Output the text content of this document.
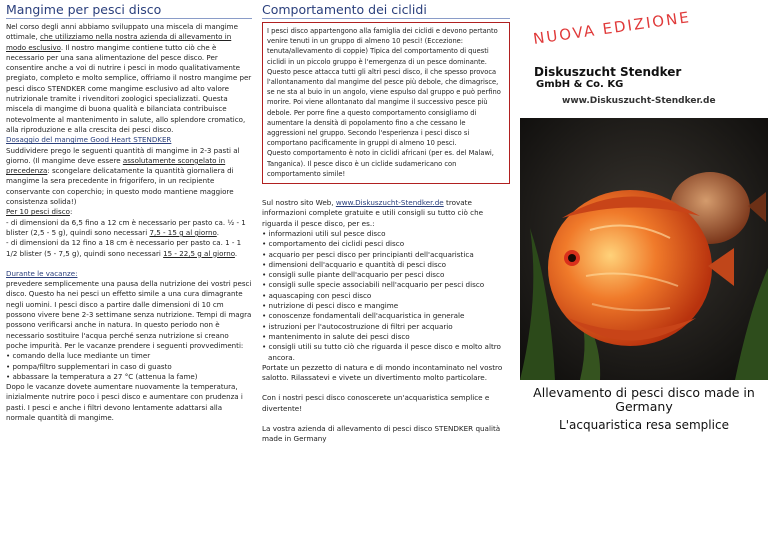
Mangime per pesci disco

Nel corso degli anni abbiamo sviluppato una miscela di mangime ottimale, che utilizziamo nella nostra azienda di allevamento in modo esclusivo. Il nostro mangime contiene tutto ciò che è necessario per una sana alimentazione del pesce disco. Per consentire anche a voi di nutrire i pesci in modo qualitativamente pregiato, completo e molto semplice, offriamo il nostro mangime per pesci disco STENDKER come mangime esclusivo ad alto valore nutrizionale tramite i rivenditori zoologici specializzati. Questa miscela di mangime di buona qualità e bilanciata contribuisce notevolmente al mantenimento in salute, allo splendore cromatico, alla riproduzione e alla crescita dei pesci disco.

Dosaggio del mangime Good Heart STENDKER

Suddividere prego le seguenti quantità di mangime in 2-3 pasti al giorno. (Il mangime deve essere assolutamente scongelato in precedenza: scongelare delicatamente la quantità giornaliera di mangime la sera precedente in frigorifero, in un recipiente conservante con coperchio; in questo modo mantiene maggiore consistenza solida!)

Per 10 pesci disco:

- di dimensioni da 6,5 fino a 12 cm è necessario per pasto ca. ½ - 1 blister (2,5 - 5 g), quindi sono necessari 7,5 - 15 g al giorno.

- di dimensioni da 12 fino a 18 cm è necessario per pasto ca. 1 - 1 1/2 blister (5 - 7,5 g), quindi sono necessari 15 - 22,5 g al giorno.

Durante le vacanze:

prevedere semplicemente una pausa della nutrizione dei vostri pesci disco. Questo ha nei pesci un effetto simile a una cura dimagrante negli uomini. I pesci disco a partire dalle dimensioni di 10 cm possono vivere bene 2-3 settimane senza nutrizione. Tempi di magra possono verificarsi anche in natura. In questo periodo non è necessario sostituire l'acqua perché senza nutrizione si creano poche impurità. Per le vacanze prendere i seguenti provvedimenti:

• comando della luce mediante un timer

• pompa/filtro supplementari in caso di guasto

• abbassare la temperatura a 27 °C (attenua la fame)

Dopo le vacanze dovete aumentare nuovamente la temperatura, inizialmente nutrire poco i pesci disco e aumentare con prudenza i pasti. I pesci e anche i filtri devono lentamente adattarsi alla normale quantità di mangime.

Comportamento dei ciclidi

I pesci disco appartengono alla famiglia dei ciclidi e devono pertanto venire tenuti in un gruppo di almeno 10 pesci! (Eccezione: tenuta/allevamento di coppie) Tipica del comportamento di questi ciclidi in un piccolo gruppo è l'emergenza di un pesce dominante. Questo pesce attacca tutti gli altri pesci disco, il che spesso provoca l'allontanamento dal mangime del pesce più debole, che dimagrisce, se ne sta al buio in un angolo, viene espulso dal gruppo e può perfino morire. Poi viene allontanato dal mangime il successivo pesce più debole. Per porre fine a questo comportamento consigliamo di aumentare la densità di popolamento fino a che cessano le aggressioni nel gruppo. Secondo l'esperienza i pesci disco si comportano pacificamente in gruppi di almeno 10 pesci.

Questo comportamento è noto in ciclidi africani (per es. del Malawi, Tanganica). Il pesce disco è un ciclide sudamericano con comportamento simile!

Sul nostro sito Web, www.Diskuszucht-Stendker.de trovate informazioni complete gratuite e utili consigli su tutto ciò che riguarda il pesce disco, per es.:

• informazioni utili sul pesce disco
• comportamento dei ciclidi pesci disco
• acquario per pesci disco per principianti dell'acquaristica
• dimensioni dell'acquario e quantità di pesci disco
• consigli sulle piante dell'acquario per pesci disco
• consigli sulle specie associabili nell'acquario per pesci disco
• aquascaping con pesci disco
• nutrizione di pesci disco e mangime
• conoscenze fondamentali dell'acquaristica in generale
• istruzioni per l'autocostruzione di filtri per acquario
• mantenimento in salute dei pesci disco
• consigli utili su tutto ciò che riguarda il pesce disco e molto altro ancora.

Portate un pezzetto di natura e di mondo incontaminato nel vostro salotto. Rilassatevi e vivete un divertimento molto particolare.

Con i nostri pesci disco conoscerete un'acquaristica semplice e divertente!

La vostra azienda di allevamento di pesci disco STENDKER qualità made in Germany

NUOVA EDIZIONE
Diskuszucht Stendker
GmbH & Co. KG
www.Diskuszucht-Stendker.de
Allevamento di pesci disco made in Germany
L'acquaristica resa semplice
